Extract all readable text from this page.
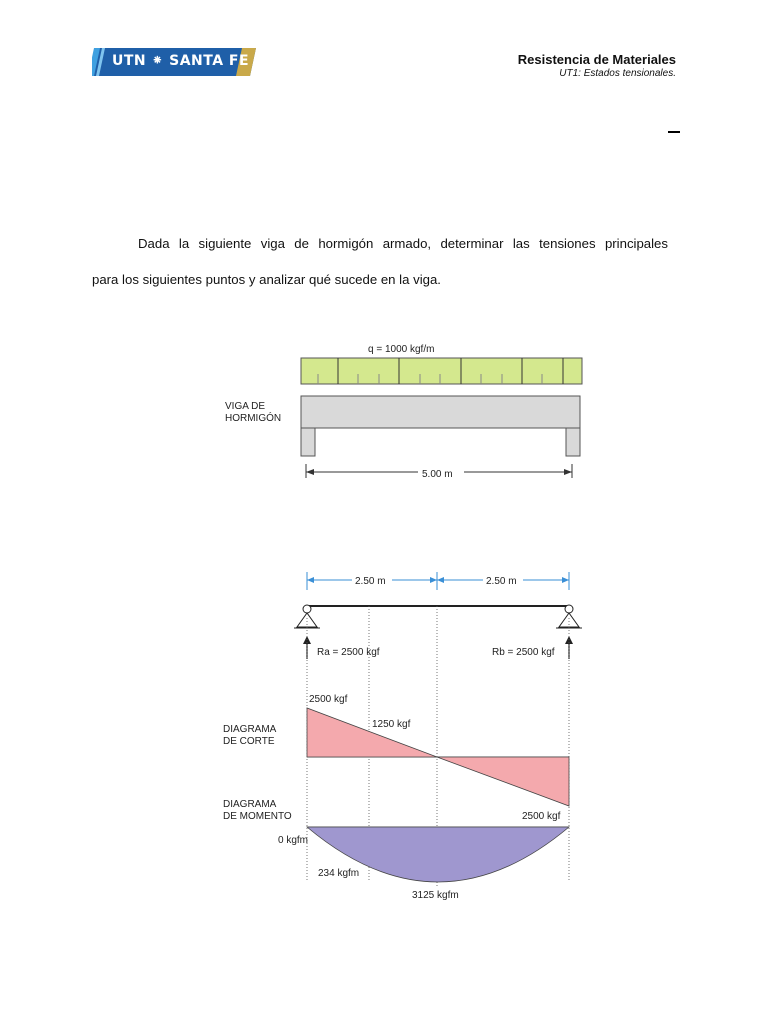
UTN ⁕ SANTA FE	Resistencia de Materiales
UT1: Estados tensionales.
Dada la siguiente viga de hormigón armado, determinar las tensiones principales
para los siguientes puntos y analizar qué sucede en la viga.
q = 1000 kgf/m
VIGA DE
HORMIGÓN
5.00 m
2.50 m	2.50 m
Ra = 2500 kgf	Rb = 2500 kgf
DIAGRAMA
DE CORTE
2500 kgf
1250 kgf
2500 kgf
DIAGRAMA
DE MOMENTO
0 kgfm
234 kgfm
3125 kgfm
